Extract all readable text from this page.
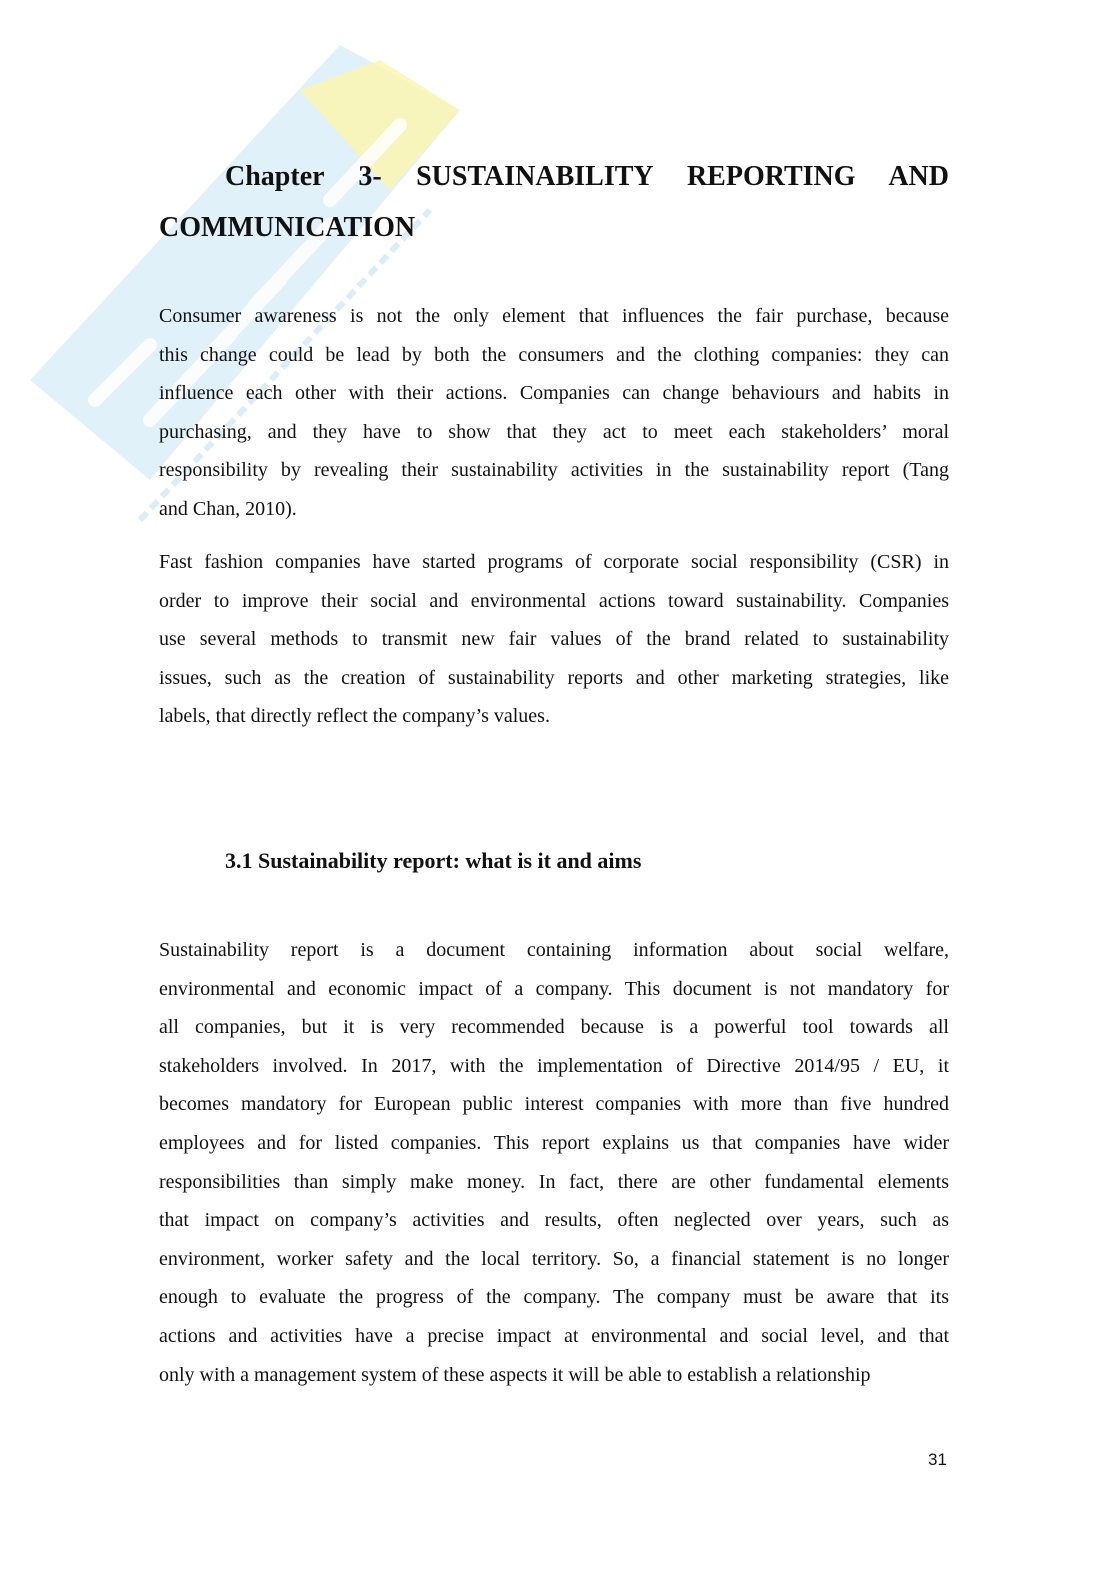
Chapter 3- SUSTAINABILITY REPORTING AND
COMMUNICATION
Consumer awareness is not the only element that influences the fair purchase, because
this change could be lead by both the consumers and the clothing companies: they can
influence each other with their actions. Companies can change behaviours and habits in
purchasing, and they have to show that they act to meet each stakeholders’ moral
responsibility by revealing their sustainability activities in the sustainability report (Tang
and Chan, 2010).
Fast fashion companies have started programs of corporate social responsibility (CSR) in
order to improve their social and environmental actions toward sustainability. Companies
use several methods to transmit new fair values of the brand related to sustainability
issues, such as the creation of sustainability reports and other marketing strategies, like
labels, that directly reflect the company’s values.
3.1 Sustainability report: what is it and aims
Sustainability report is a document containing information about social welfare,
environmental and economic impact of a company. This document is not mandatory for
all companies, but it is very recommended because is a powerful tool towards all
stakeholders involved. In 2017, with the implementation of Directive 2014/95 / EU, it
becomes mandatory for European public interest companies with more than five hundred
employees and for listed companies. This report explains us that companies have wider
responsibilities than simply make money. In fact, there are other fundamental elements
that impact on company’s activities and results, often neglected over years, such as
environment, worker safety and the local territory. So, a financial statement is no longer
enough to evaluate the progress of the company. The company must be aware that its
actions and activities have a precise impact at environmental and social level, and that
only with a management system of these aspects it will be able to establish a relationship
31
